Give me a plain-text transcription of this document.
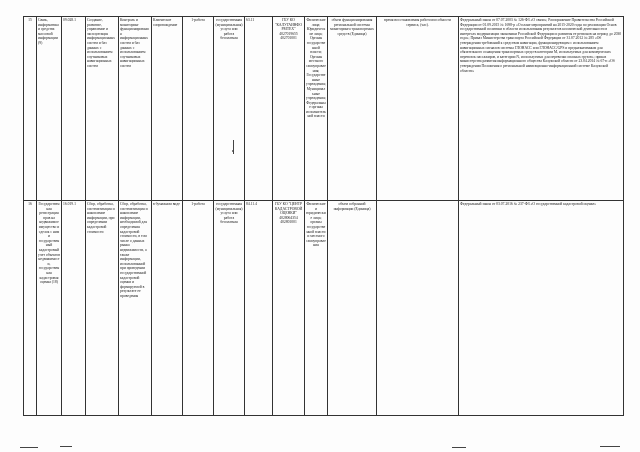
15	Связь, информатика и средства массовой информации (9)	09.028.1	Создание, развитие, управление и эксплуатация информационных систем и баз данных с использованием спутниковых навигационных систем	Контроль и мониторинг функционирования информационных систем и баз данных с использованием спутниковых навигационных систем	Клиентское сопровождение	1-работа	государственная (муниципальная) услуга или работа бесплатная	63.11	ГБУ КО "КАЛУГАИНФОРМТЕХ" 4027019655 402701001	Физические лица; Юридические лица; Органы государственной власти; Органы местного самоуправления; Государственные учреждения; Муниципальные учреждения; Федеральные органы исполнительной власти	объем функционирования региональной системы мониторинга транспортных средств (Единица)	время восстановления работоспособности сервиса, (час).	Федеральный закон от 07.07.2003 № 126-ФЗ «О связи»; Распоряжение Правительства Российской Федерации от 01.09.2015 № 1698-р «О плане мероприятий на 2015-2020 годы по реализации Основ государственной политики в области использования результатов космической деятельности в интересах модернизации экономики Российской Федерации и развития ее регионов на период до 2030 года»; Приказ Министерства транспорта Российской Федерации от 31.07.2012 № 285 «Об утверждении требований к средствам навигации, функционирующим с использованием навигационных сигналов системы ГЛОНАСС или ГЛОНАСС/GPS и предназначенным для обязательного оснащения транспортных средств категории М, используемых для коммерческих перевозок пассажиров, и категории N, используемых для перевозки опасных грузов»; приказ министерства развития информационного общества Калужской области от 23.04.2014 № 67-п «Об утверждении Положения о региональной навигационно-информационной системе Калужской области»
16	Государственная регистрация прав на недвижимое имущество и сделок с ним и государственный кадастровый учет объектов недвижимости, государственная кадастровая оценка (18)	16.019.1	Сбор, обработка, систематизация и накопление информации, при определении кадастровой стоимости	Сбор, обработка, систематизация и накопление информации, необходимой для определения кадастровой стоимости, в том числе о данных рынка недвижимости, а также информации, использованной при проведении государственной кадастровой оценки и формируемой в результате ее проведения	в бумажном виде	1-работа	государственная (муниципальная) услуга или работа бесплатная	84.11.4	ГБУ КО "ЦЕНТР КАДАСТРОВОЙ ОЦЕНКИ" 4028064354 402801001	Физические и юридические лица; органы государственной власти и местного самоуправления	объем собранной информации (Единица)		Федеральный закон от 03.07.2016 № 237-ФЗ «О государственной кадастровой оценке»
